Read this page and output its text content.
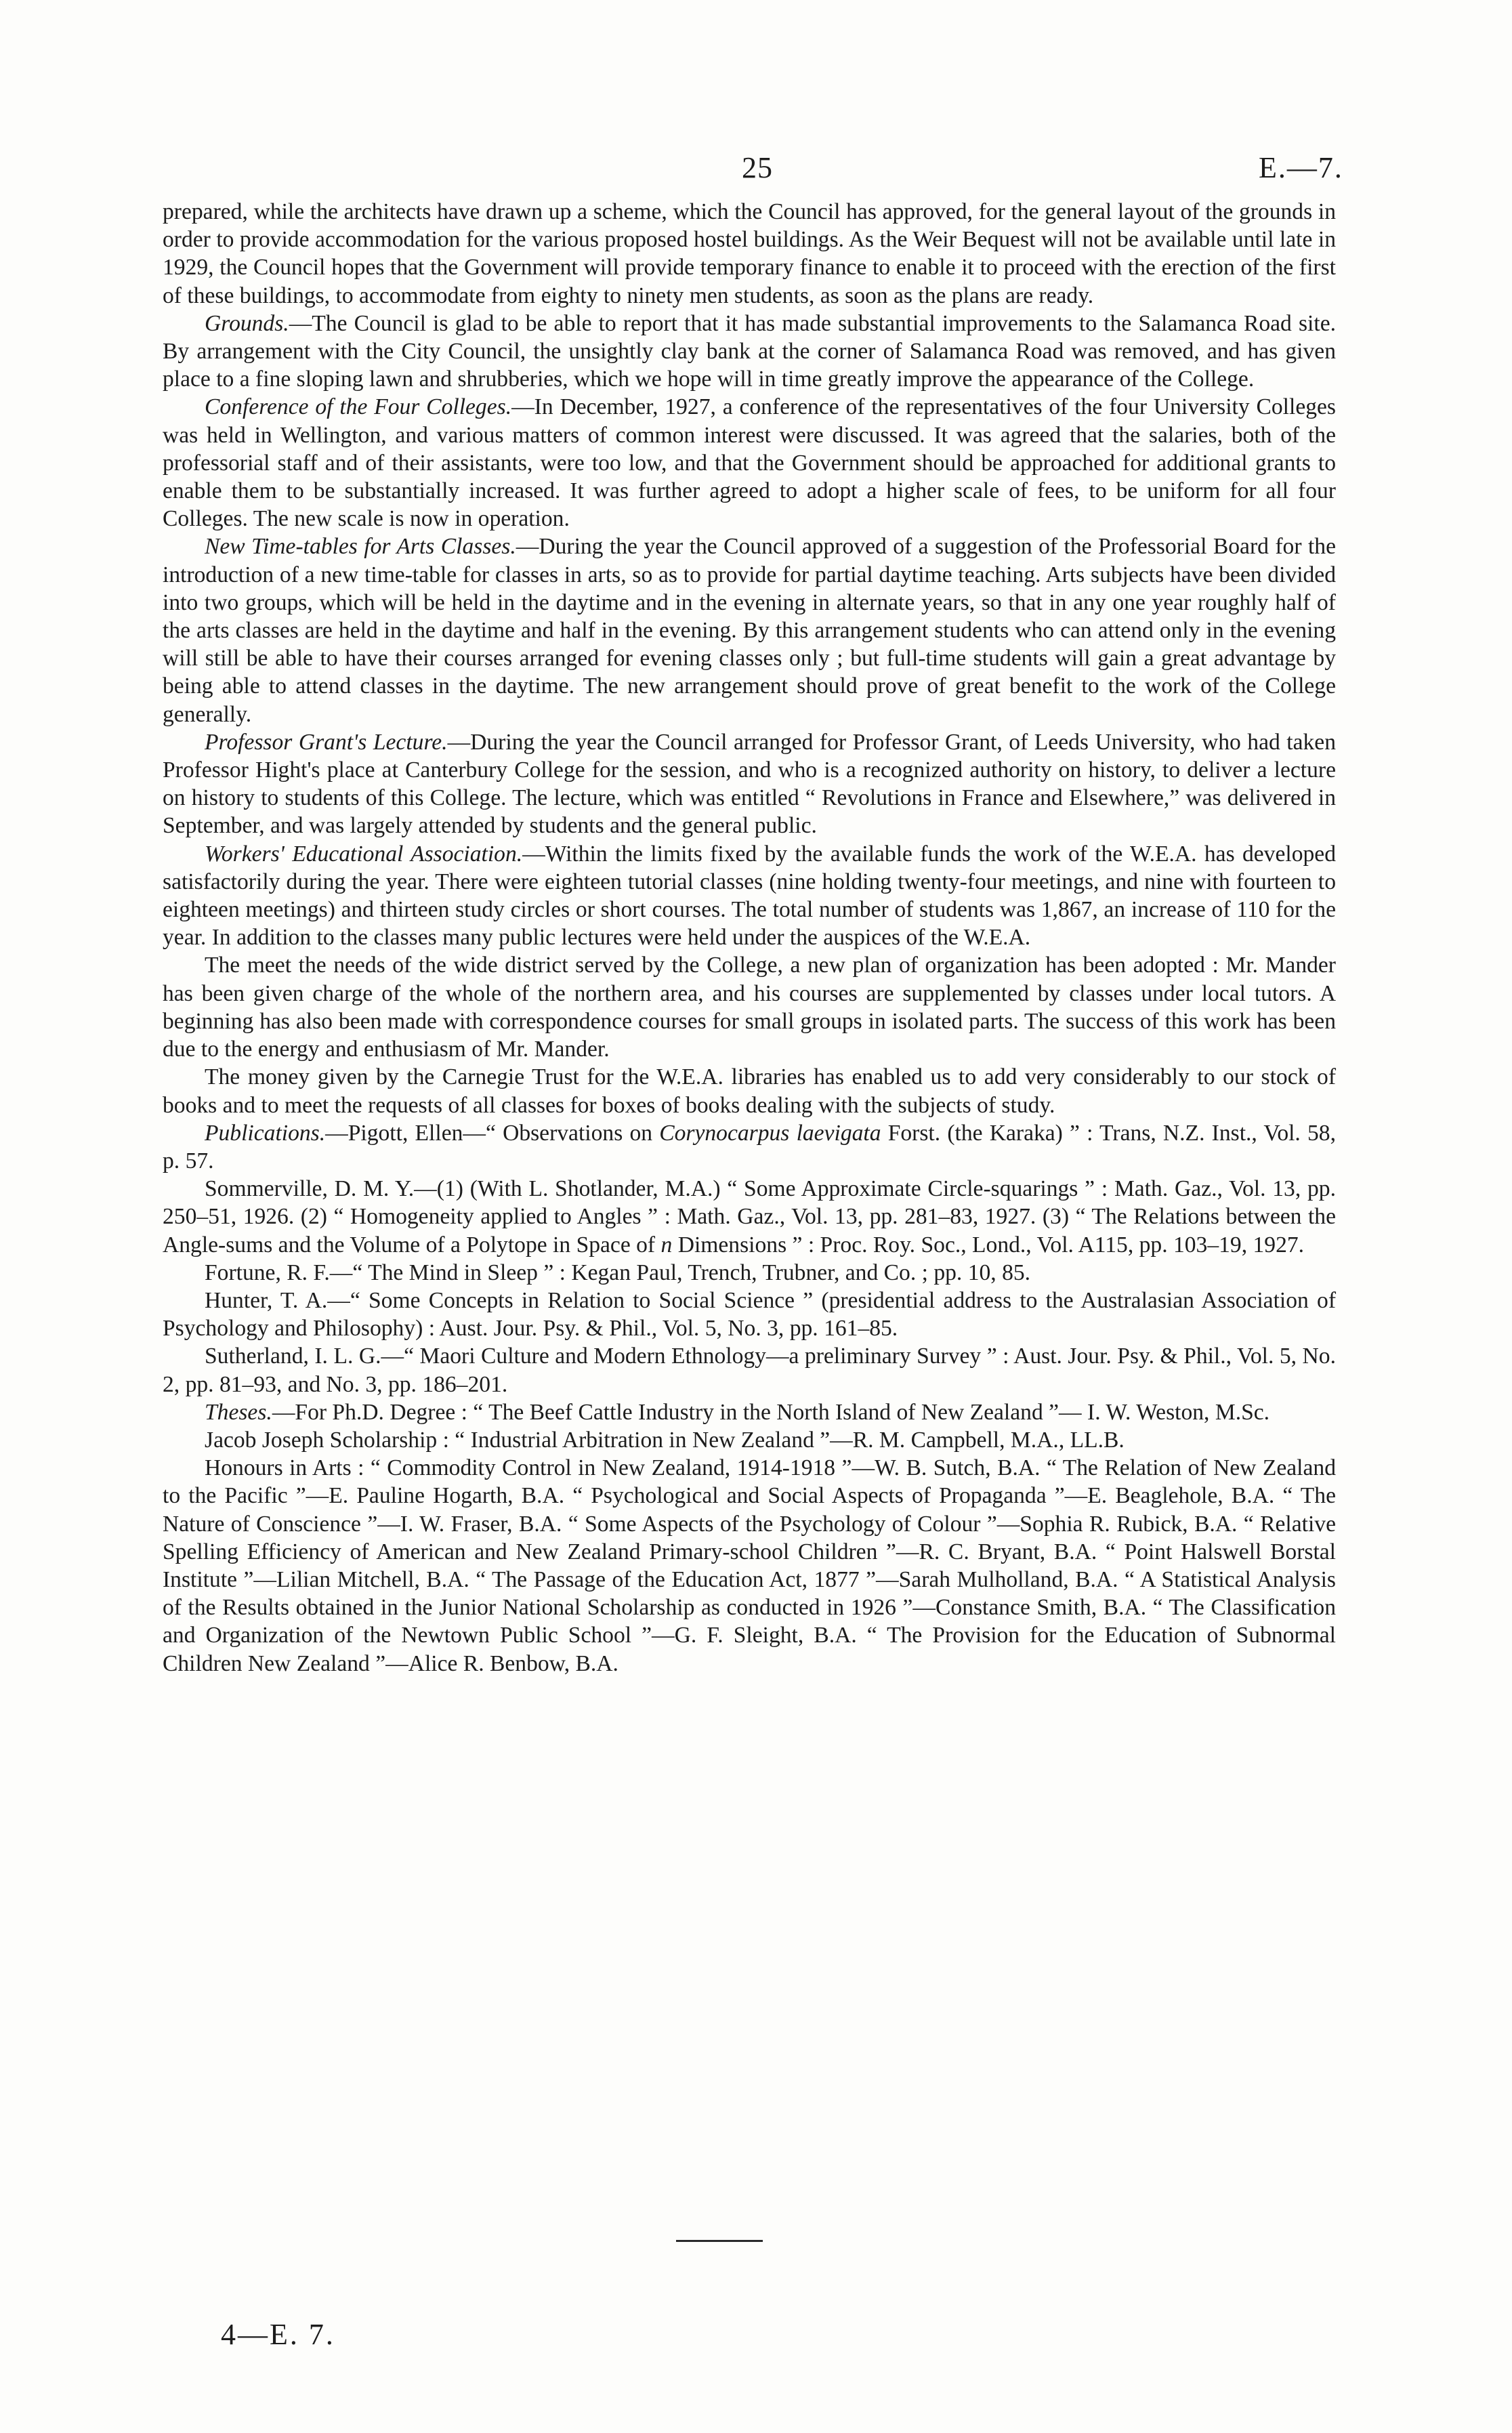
25	E.—7.

prepared, while the architects have drawn up a scheme, which the Council has approved, for the general layout of the grounds in order to provide accommodation for the various proposed hostel buildings. As the Weir Bequest will not be available until late in 1929, the Council hopes that the Government will provide temporary finance to enable it to proceed with the erection of the first of these buildings, to accommodate from eighty to ninety men students, as soon as the plans are ready.

Grounds.—The Council is glad to be able to report that it has made substantial improvements to the Salamanca Road site. By arrangement with the City Council, the unsightly clay bank at the corner of Salamanca Road was removed, and has given place to a fine sloping lawn and shrubberies, which we hope will in time greatly improve the appearance of the College.

Conference of the Four Colleges.—In December, 1927, a conference of the representatives of the four University Colleges was held in Wellington, and various matters of common interest were discussed. It was agreed that the salaries, both of the professorial staff and of their assistants, were too low, and that the Government should be approached for additional grants to enable them to be substantially increased. It was further agreed to adopt a higher scale of fees, to be uniform for all four Colleges. The new scale is now in operation.

New Time-tables for Arts Classes.—During the year the Council approved of a suggestion of the Professorial Board for the introduction of a new time-table for classes in arts, so as to provide for partial daytime teaching. Arts subjects have been divided into two groups, which will be held in the daytime and in the evening in alternate years, so that in any one year roughly half of the arts classes are held in the daytime and half in the evening. By this arrangement students who can attend only in the evening will still be able to have their courses arranged for evening classes only ; but full-time students will gain a great advantage by being able to attend classes in the daytime. The new arrangement should prove of great benefit to the work of the College generally.

Professor Grant's Lecture.—During the year the Council arranged for Professor Grant, of Leeds University, who had taken Professor Hight's place at Canterbury College for the session, and who is a recognized authority on history, to deliver a lecture on history to students of this College. The lecture, which was entitled “ Revolutions in France and Elsewhere,” was delivered in September, and was largely attended by students and the general public.

Workers' Educational Association.—Within the limits fixed by the available funds the work of the W.E.A. has developed satisfactorily during the year. There were eighteen tutorial classes (nine holding twenty-four meetings, and nine with fourteen to eighteen meetings) and thirteen study circles or short courses. The total number of students was 1,867, an increase of 110 for the year. In addition to the classes many public lectures were held under the auspices of the W.E.A.

The meet the needs of the wide district served by the College, a new plan of organization has been adopted : Mr. Mander has been given charge of the whole of the northern area, and his courses are supplemented by classes under local tutors. A beginning has also been made with correspondence courses for small groups in isolated parts. The success of this work has been due to the energy and enthusiasm of Mr. Mander.

The money given by the Carnegie Trust for the W.E.A. libraries has enabled us to add very considerably to our stock of books and to meet the requests of all classes for boxes of books dealing with the subjects of study.

Publications.—Pigott, Ellen—“ Observations on Corynocarpus laevigata Forst. (the Karaka) ” : Trans, N.Z. Inst., Vol. 58, p. 57.

Sommerville, D. M. Y.—(1) (With L. Shotlander, M.A.) “ Some Approximate Circle-squarings ” : Math. Gaz., Vol. 13, pp. 250–51, 1926. (2) “ Homogeneity applied to Angles ” : Math. Gaz., Vol. 13, pp. 281–83, 1927. (3) “ The Relations between the Angle-sums and the Volume of a Polytope in Space of n Dimensions ” : Proc. Roy. Soc., Lond., Vol. A115, pp. 103–19, 1927.

Fortune, R. F.—“ The Mind in Sleep ” : Kegan Paul, Trench, Trubner, and Co. ; pp. 10, 85.

Hunter, T. A.—“ Some Concepts in Relation to Social Science ” (presidential address to the Australasian Association of Psychology and Philosophy) : Aust. Jour. Psy. & Phil., Vol. 5, No. 3, pp. 161–85.

Sutherland, I. L. G.—“ Maori Culture and Modern Ethnology—a preliminary Survey ” : Aust. Jour. Psy. & Phil., Vol. 5, No. 2, pp. 81–93, and No. 3, pp. 186–201.

Theses.—For Ph.D. Degree : “ The Beef Cattle Industry in the North Island of New Zealand ”— I. W. Weston, M.Sc.

Jacob Joseph Scholarship : “ Industrial Arbitration in New Zealand ”—R. M. Campbell, M.A., LL.B.

Honours in Arts : “ Commodity Control in New Zealand, 1914-1918 ”—W. B. Sutch, B.A. “ The Relation of New Zealand to the Pacific ”—E. Pauline Hogarth, B.A. “ Psychological and Social Aspects of Propaganda ”—E. Beaglehole, B.A. “ The Nature of Conscience ”—I. W. Fraser, B.A. “ Some Aspects of the Psychology of Colour ”—Sophia R. Rubick, B.A. “ Relative Spelling Efficiency of American and New Zealand Primary-school Children ”—R. C. Bryant, B.A. “ Point Halswell Borstal Institute ”—Lilian Mitchell, B.A. “ The Passage of the Education Act, 1877 ”—Sarah Mulholland, B.A. “ A Statistical Analysis of the Results obtained in the Junior National Scholarship as conducted in 1926 ”—Constance Smith, B.A. “ The Classification and Organization of the Newtown Public School ”—G. F. Sleight, B.A. “ The Provision for the Education of Subnormal Children New Zealand ”—Alice R. Benbow, B.A.

4—E. 7.
